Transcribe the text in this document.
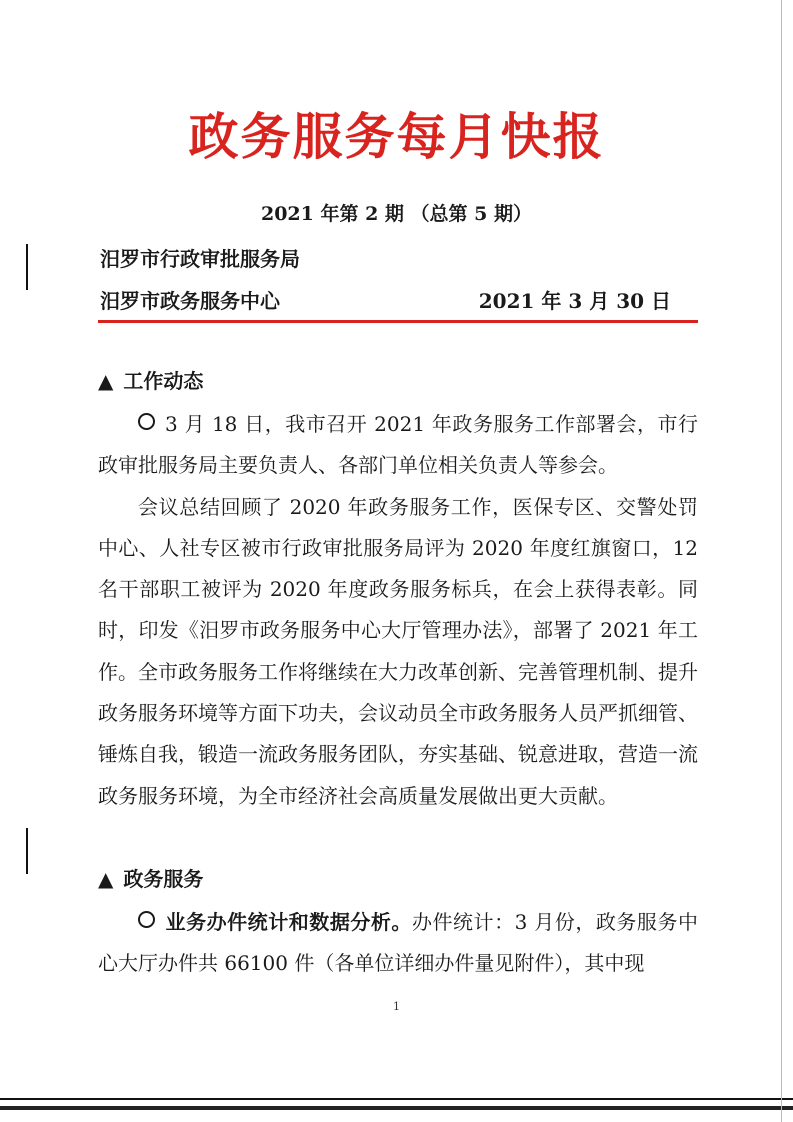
政务服务每月快报
2021 年第 2 期 （总第 5 期）
汨罗市行政审批服务局
汨罗市政务服务中心	2021 年 3 月 30 日
▲ 工作动态

3 月 18 日，我市召开 2021 年政务服务工作部署会，市行政审批服务局主要负责人、各部门单位相关负责人等参会。

会议总结回顾了 2020 年政务服务工作，医保专区、交警处罚中心、人社专区被市行政审批服务局评为 2020 年度红旗窗口，12 名干部职工被评为 2020 年度政务服务标兵，在会上获得表彰。同时，印发《汨罗市政务服务中心大厅管理办法》，部署了 2021 年工作。全市政务服务工作将继续在大力改革创新、完善管理机制、提升政务服务环境等方面下功夫，会议动员全市政务服务人员严抓细管、锤炼自我，锻造一流政务服务团队，夯实基础、锐意进取，营造一流政务服务环境，为全市经济社会高质量发展做出更大贡献。

▲ 政务服务

业务办件统计和数据分析。办件统计：3 月份，政务服务中心大厅办件共 66100 件（各单位详细办件量见附件），其中现

1
